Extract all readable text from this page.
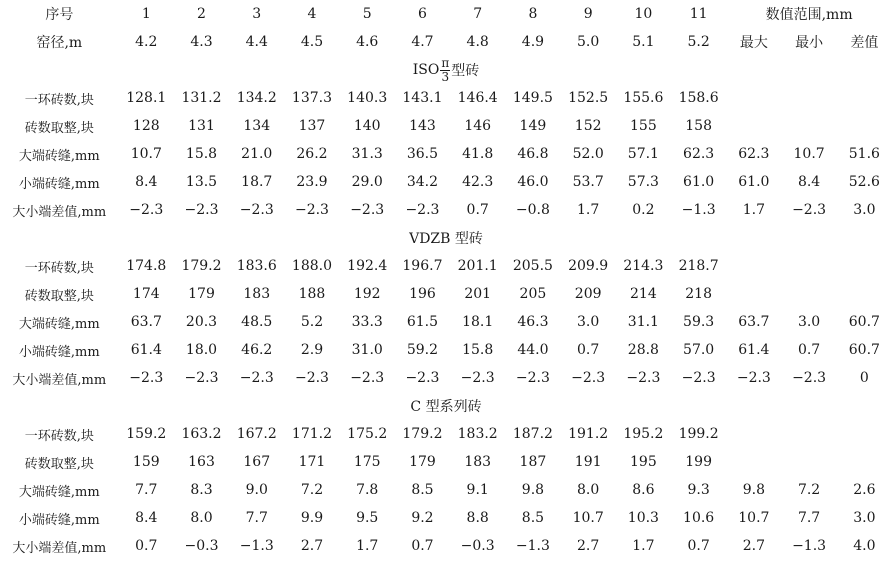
序号	1	2	3	4	5	6	7	8	9	10	11	数值范围,mm		
窑径,m	4.2	4.3	4.4	4.5	4.6	4.7	4.8	4.9	5.0	5.1	5.2	最大	最小	差值

ISO $\frac{\pi}{3}$ 型砖														

一环砖数,块	128.1	131.2	134.2	137.3	140.3	143.1	146.4	149.5	152.5	155.6	158.6			
砖数取整,块	128	131	134	137	140	143	146	149	152	155	158			
大端砖缝,mm	10.7	15.8	21.0	26.2	31.3	36.5	41.8	46.8	52.0	57.1	62.3	62.3	10.7	51.6
小端砖缝,mm	8.4	13.5	18.7	23.9	29.0	34.2	42.3	46.0	53.7	57.3	61.0	61.0	8.4	52.6
大小端差值,mm	−2.3	−2.3	−2.3	−2.3	−2.3	−2.3	0.7	−0.8	1.7	0.2	−1.3	1.7	−2.3	3.0
VDZB 型砖														
一环砖数,块	174.8	179.2	183.6	188.0	192.4	196.7	201.1	205.5	209.9	214.3	218.7			
砖数取整,块	174	179	183	188	192	196	201	205	209	214	218			
大端砖缝,mm	63.7	20.3	48.5	5.2	33.3	61.5	18.1	46.3	3.0	31.1	59.3	63.7	3.0	60.7
小端砖缝,mm	61.4	18.0	46.2	2.9	31.0	59.2	15.8	44.0	0.7	28.8	57.0	61.4	0.7	60.7
大小端差值,mm	−2.3	−2.3	−2.3	−2.3	−2.3	−2.3	−2.3	−2.3	−2.3	−2.3	−2.3	−2.3	−2.3	0
C 型系列砖														
一环砖数,块	159.2	163.2	167.2	171.2	175.2	179.2	183.2	187.2	191.2	195.2	199.2			
砖数取整,块	159	163	167	171	175	179	183	187	191	195	199			
大端砖缝,mm	7.7	8.3	9.0	7.2	7.8	8.5	9.1	9.8	8.0	8.6	9.3	9.8	7.2	2.6
小端砖缝,mm	8.4	8.0	7.7	9.9	9.5	9.2	8.8	8.5	10.7	10.3	10.6	10.7	7.7	3.0
大小端差值,mm	0.7	−0.3	−1.3	2.7	1.7	0.7	−0.3	−1.3	2.7	1.7	0.7	2.7	−1.3	4.0
